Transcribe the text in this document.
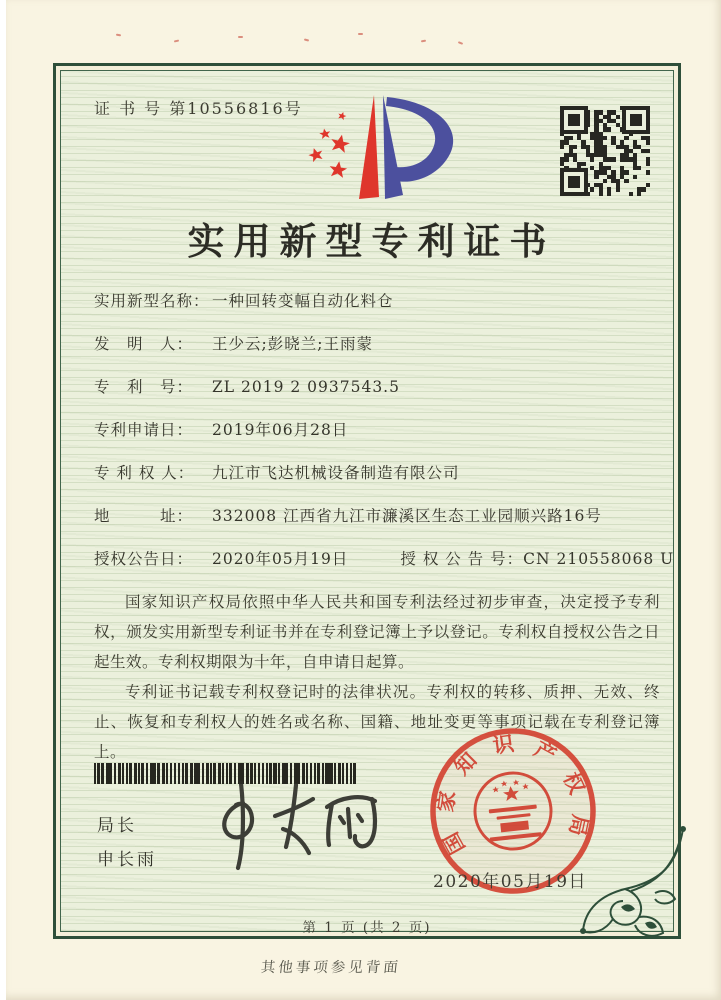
证 书 号 第10556816号
实用新型专利证书
实用新型名称： 一种回转变幅自动化料仓
发　明　人： 王少云;彭晓兰;王雨蒙
专　利　号： ZL 2019 2 0937543.5
专利申请日： 2019年06月28日
专 利 权 人： 九江市飞达机械设备制造有限公司
地　　　址： 332008 江西省九江市濂溪区生态工业园顺兴路16号
授权公告日： 2020年05月19日	授 权 公 告 号：CN 210558068 U

国家知识产权局依照中华人民共和国专利法经过初步审查，决定授予专利权，颁发实用新型专利证书并在专利登记簿上予以登记。专利权自授权公告之日起生效。专利权期限为十年，自申请日起算。

专利证书记载专利权登记时的法律状况。专利权的转移、质押、无效、终止、恢复和专利权人的姓名或名称、国籍、地址变更等事项记载在专利登记簿上。

局长
申长雨
国家知识产权局
2020年05月19日
第 1 页 (共 2 页)
其他事项参见背面
